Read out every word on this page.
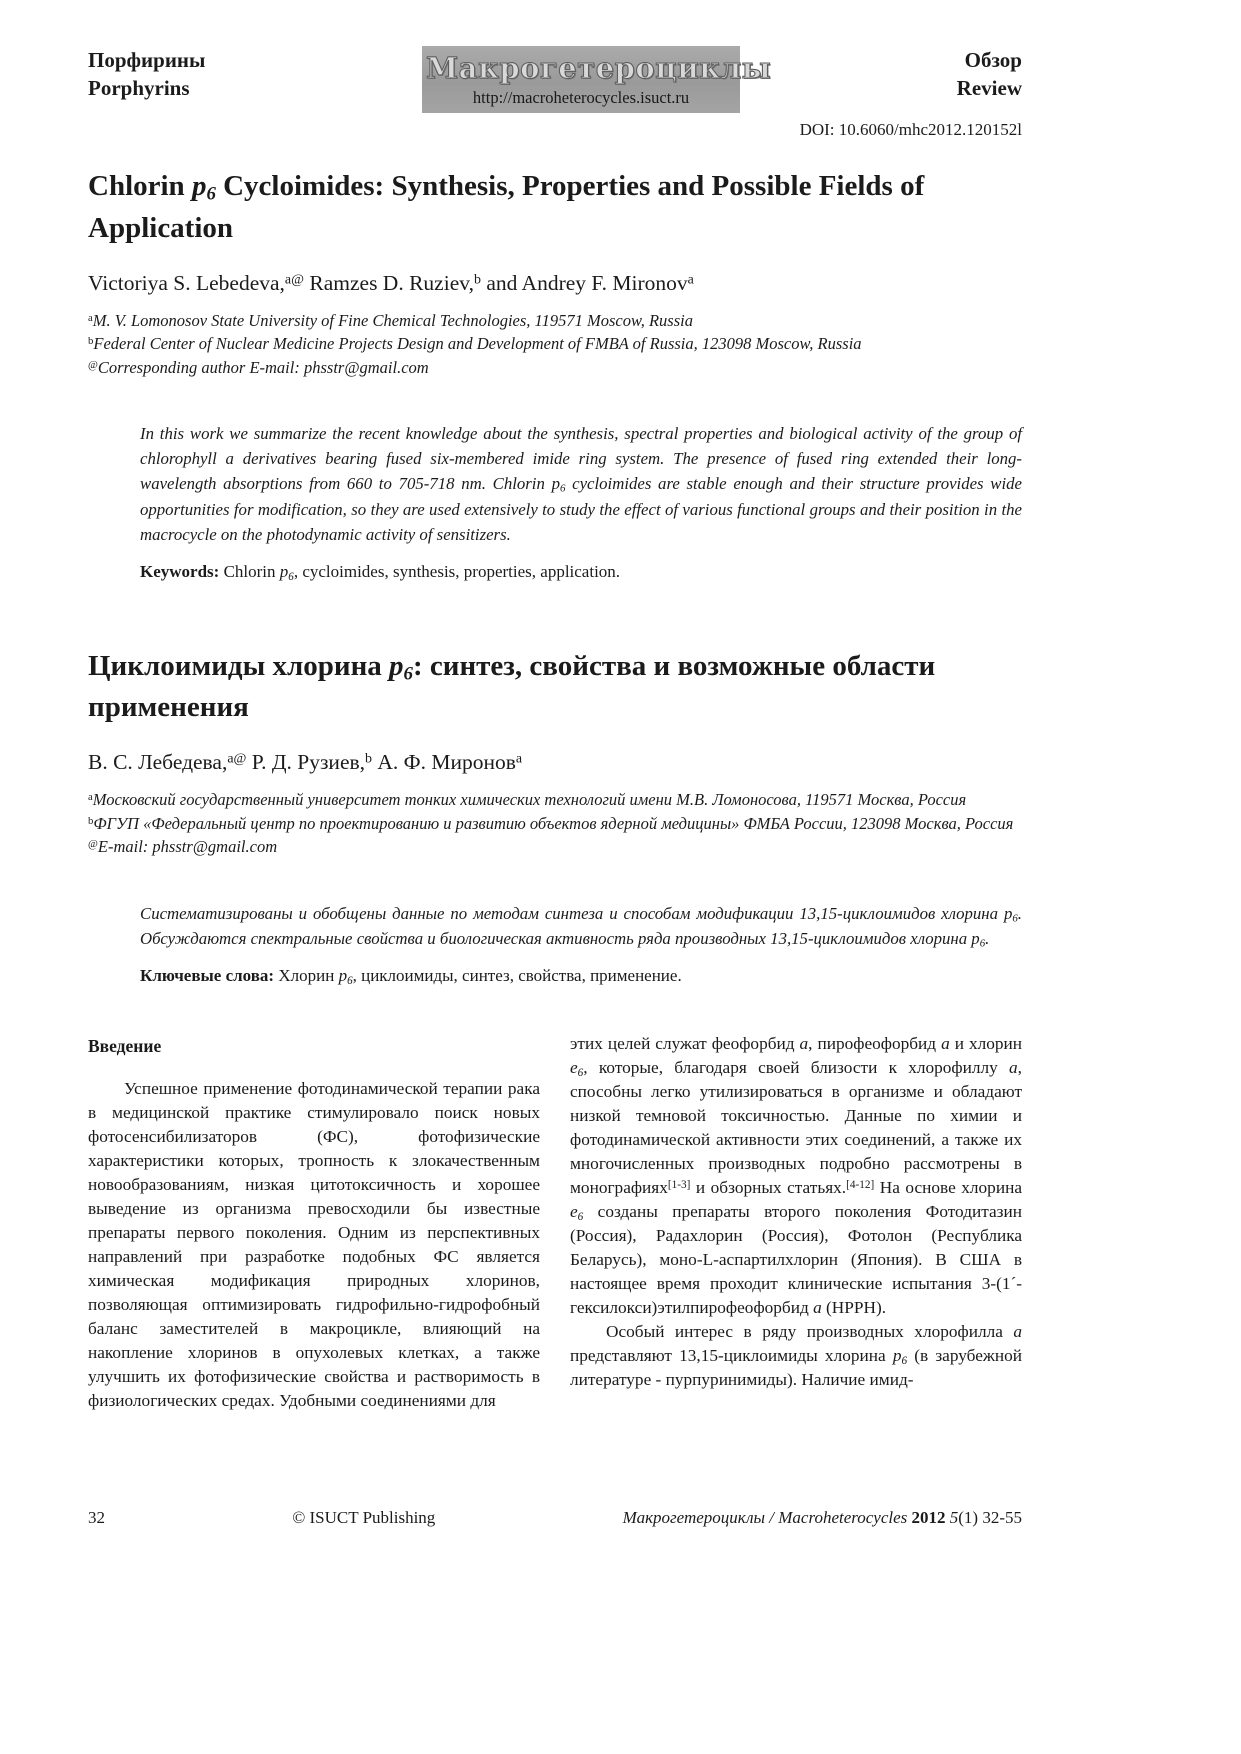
Порфирины
Porphyrins
Макрогетероциклы
http://macroheterocycles.isuct.ru
Обзор
Review
DOI: 10.6060/mhc2012.120152l
Chlorin $p_6$ Cycloimides: Synthesis, Properties and Possible Fields of Application
Victoriya S. Lebedeva,$^{a@}$ Ramzes D. Ruziev,$^b$ and Andrey F. Mironov$^a$
$^a$M. V. Lomonosov State University of Fine Chemical Technologies, 119571 Moscow, Russia
$^b$Federal Center of Nuclear Medicine Projects Design and Development of FMBA of Russia, 123098 Moscow, Russia
@Corresponding author E-mail: phsstr@gmail.com

In this work we summarize the recent knowledge about the synthesis, spectral properties and biological activity of the group of chlorophyll a derivatives bearing fused six-membered imide ring system. The presence of fused ring extended their long-wavelength absorptions from 660 to 705-718 nm. Chlorin $p_6$ cycloimides are stable enough and their structure provides wide opportunities for modification, so they are used extensively to study the effect of various functional groups and their position in the macrocycle on the photodynamic activity of sensitizers.

Keywords: Chlorin $p_6$, cycloimides, synthesis, properties, application.

Циклоимиды хлорина $p_6$: синтез, свойства и возможные области применения
В. С. Лебедева,$^{a@}$ Р. Д. Рузиев,$^b$ А. Ф. Миронов$^a$
$^a$Московский государственный университет тонких химических технологий имени М.В. Ломоносова, 119571 Москва, Россия
$^b$ФГУП «Федеральный центр по проектированию и развитию объектов ядерной медицины» ФМБА России, 123098 Москва, Россия
@E-mail: phsstr@gmail.com

Систематизированы и обобщены данные по методам синтеза и способам модификации 13,15-циклоимидов хлорина $p_6$. Обсуждаются спектральные свойства и биологическая активность ряда производных 13,15-циклоимидов хлорина $p_6$.

Ключевые слова: Хлорин $p_6$, циклоимиды, синтез, свойства, применение.

Введение

Успешное применение фотодинамической терапии рака в медицинской практике стимулировало поиск новых фотосенсибилизаторов (ФС), фотофизические характеристики которых, тропность к злокачественным новообразованиям, низкая цитотоксичность и хорошее выведение из организма превосходили бы известные препараты первого поколения. Одним из перспективных направлений при разработке подобных ФС является химическая модификация природных хлоринов, позволяющая оптимизировать гидрофильно-гидрофобный баланс заместителей в макроцикле, влияющий на накопление хлоринов в опухолевых клетках, а также улучшить их фотофизические свойства и растворимость в физиологических средах. Удобными соединениями для

этих целей служат феофорбид a, пирофеофорбид a и хлорин $e_6$, которые, благодаря своей близости к хлорофиллу a, способны легко утилизироваться в организме и обладают низкой темновой токсичностью. Данные по химии и фотодинамической активности этих соединений, а также их многочисленных производных подробно рассмотрены в монографиях[1-3] и обзорных статьях.[4-12] На основе хлорина $e_6$ созданы препараты второго поколения Фотодитазин (Россия), Радахлорин (Россия), Фотолон (Республика Беларусь), моно-L-аспартилхлорин (Япония). В США в настоящее время проходит клинические испытания 3-(1´-гексилокси)этилпирофеофорбид a (HPPH).

Особый интерес в ряду производных хлорофилла a представляют 13,15-циклоимиды хлорина $p_6$ (в зарубежной литературе - пурпуринимиды). Наличие имид-

32	© ISUCT Publishing	Макрогетероциклы / Macroheterocycles 2012 5(1) 32-55
